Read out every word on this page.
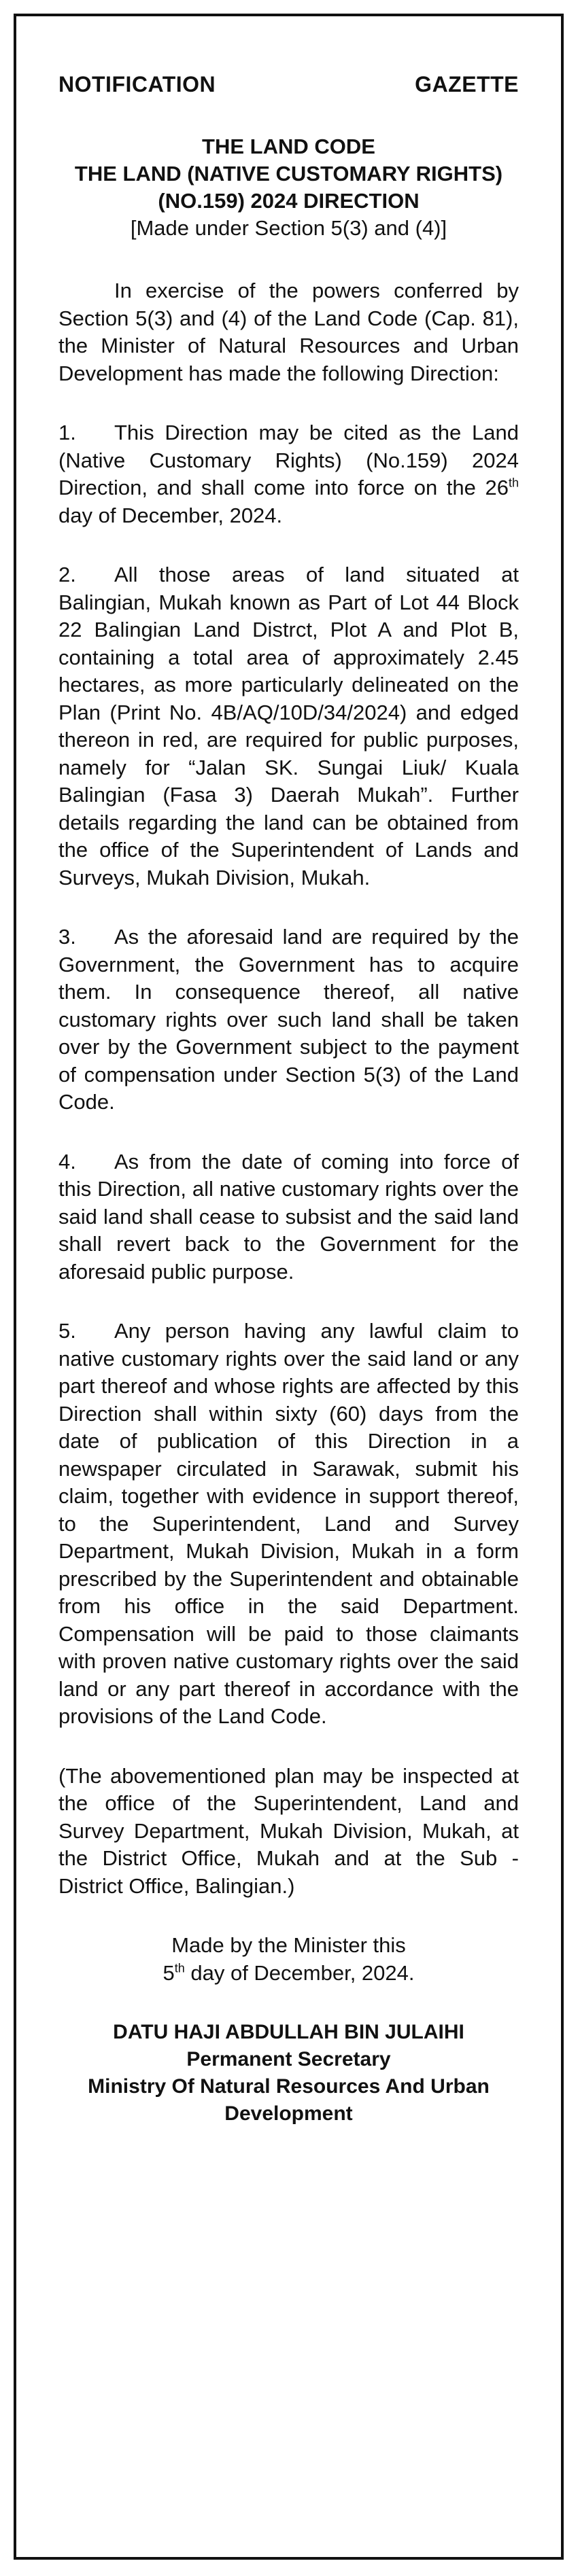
NOTIFICATION	GAZETTE
THE LAND CODE
THE LAND (NATIVE CUSTOMARY RIGHTS)
(NO.159) 2024 DIRECTION
[Made under Section 5(3) and (4)]

In exercise of the powers conferred by Section 5(3) and (4) of the Land Code (Cap. 81), the Minister of Natural Resources and Urban Development has made the following Direction:

1. This Direction may be cited as the Land (Native Customary Rights) (No.159) 2024 Direction, and shall come into force on the 26th day of December, 2024.

2. All those areas of land situated at Balingian, Mukah known as Part of Lot 44 Block 22 Balingian Land Distrct, Plot A and Plot B, containing a total area of approximately 2.45 hectares, as more particularly delineated on the Plan (Print No. 4B/AQ/10D/34/2024) and edged thereon in red, are required for public purposes, namely for “Jalan SK. Sungai Liuk/ Kuala Balingian (Fasa 3) Daerah Mukah”. Further details regarding the land can be obtained from the office of the Superintendent of Lands and Surveys, Mukah Division, Mukah.

3. As the aforesaid land are required by the Government, the Government has to acquire them. In consequence thereof, all native customary rights over such land shall be taken over by the Government subject to the payment of compensation under Section 5(3) of the Land Code.

4. As from the date of coming into force of this Direction, all native customary rights over the said land shall cease to subsist and the said land shall revert back to the Government for the aforesaid public purpose.

5. Any person having any lawful claim to native customary rights over the said land or any part thereof and whose rights are affected by this Direction shall within sixty (60) days from the date of publication of this Direction in a newspaper circulated in Sarawak, submit his claim, together with evidence in support thereof, to the Superintendent, Land and Survey Department, Mukah Division, Mukah in a form prescribed by the Superintendent and obtainable from his office in the said Department. Compensation will be paid to those claimants with proven native customary rights over the said land or any part thereof in accordance with the provisions of the Land Code.

(The abovementioned plan may be inspected at the office of the Superintendent, Land and Survey Department, Mukah Division, Mukah, at the District Office, Mukah and at the Sub - District Office, Balingian.)

Made by the Minister this
5th day of December, 2024.
DATU HAJI ABDULLAH BIN JULAIHI
Permanent Secretary
Ministry Of Natural Resources And Urban
Development
